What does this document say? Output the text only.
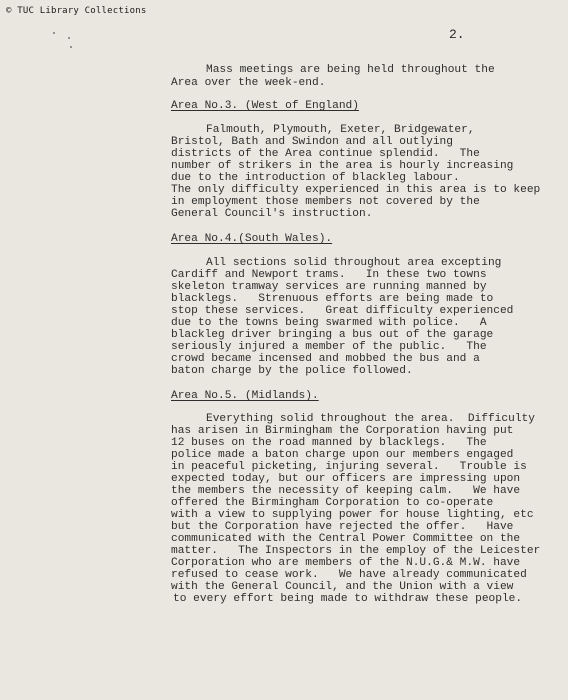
© TUC Library Collections
2.
Mass meetings are being held throughout the
Area over the week-end.
Area No.3. (West of England)
Falmouth, Plymouth, Exeter, Bridgewater,
Bristol, Bath and Swindon and all outlying
districts of the Area continue splendid.   The
number of strikers in the area is hourly increasing
due to the introduction of blackleg labour.
The only difficulty experienced in this area is to keep
in employment those members not covered by the
General Council's instruction.
Area No.4.(South Wales).
All sections solid throughout area excepting
Cardiff and Newport trams.   In these two towns
skeleton tramway services are running manned by
blacklegs.   Strenuous efforts are being made to
stop these services.   Great difficulty experienced
due to the towns being swarmed with police.   A
blackleg driver bringing a bus out of the garage
seriously injured a member of the public.   The
crowd became incensed and mobbed the bus and a
baton charge by the police followed.
Area No.5. (Midlands).
Everything solid throughout the area.  Difficulty
has arisen in Birmingham the Corporation having put
12 buses on the road manned by blacklegs.   The
police made a baton charge upon our members engaged
in peaceful picketing, injuring several.   Trouble is
expected today, but our officers are impressing upon
the members the necessity of keeping calm.   We have
offered the Birmingham Corporation to co-operate
with a view to supplying power for house lighting, etc
but the Corporation have rejected the offer.   Have
communicated with the Central Power Committee on the
matter.   The Inspectors in the employ of the Leicester
Corporation who are members of the N.U.G.& M.W. have
refused to cease work.   We have already communicated
with the General Council, and the Union with a view
to every effort being made to withdraw these people.
